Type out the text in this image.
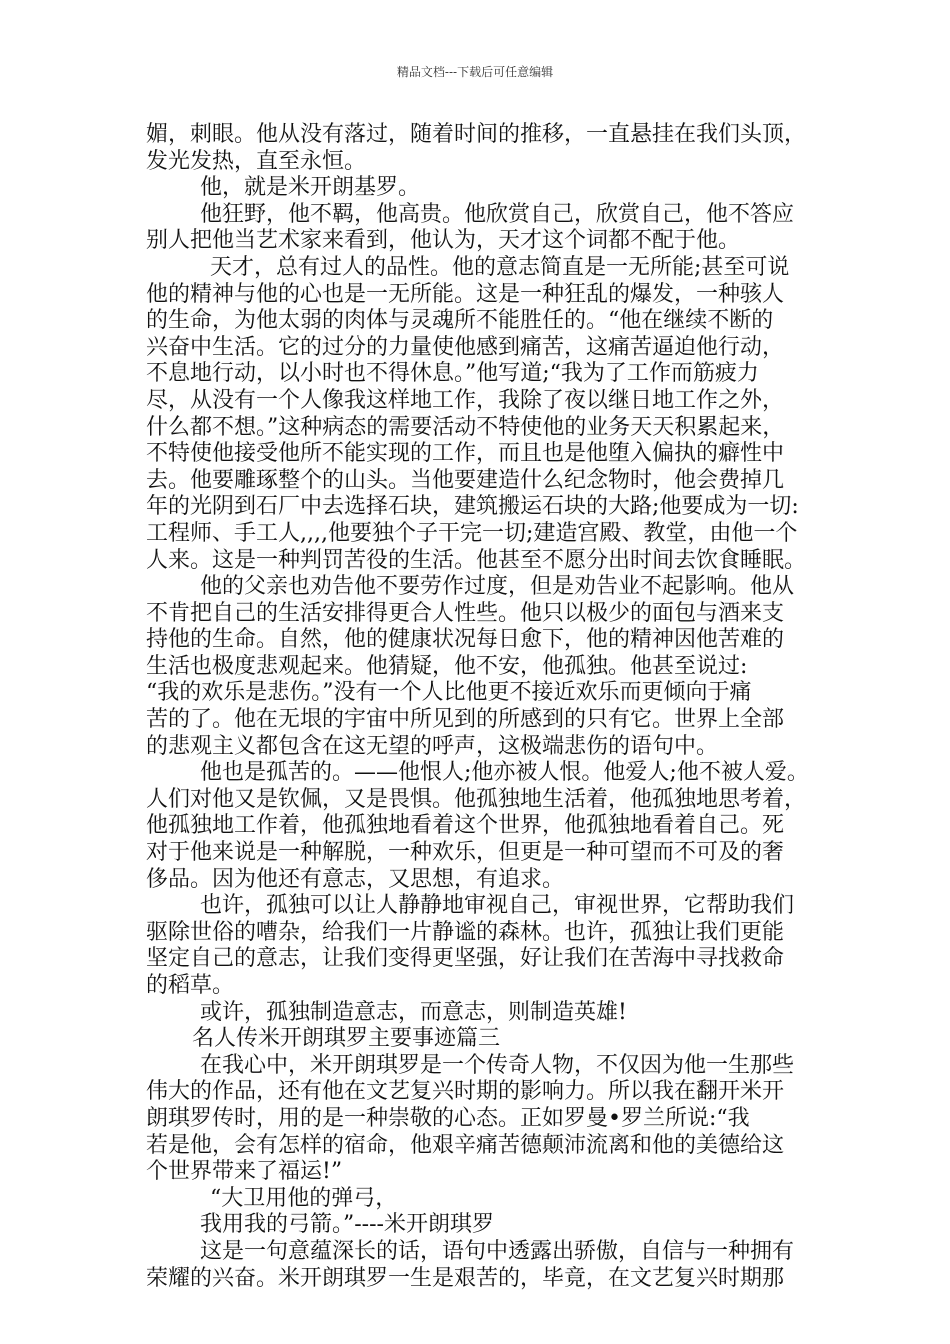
精品文档---下载后可任意编辑
媚，刺眼。他从没有落过，随着时间的推移，一直悬挂在我们头顶，
发光发热，直至永恒。
他，就是米开朗基罗。
他狂野，他不羁，他高贵。他欣赏自己，欣赏自己，他不答应
别人把他当艺术家来看到，他认为，天才这个词都不配于他。
天才，总有过人的品性。他的意志简直是一无所能;甚至可说
他的精神与他的心也是一无所能。这是一种狂乱的爆发，一种骇人
的生命，为他太弱的肉体与灵魂所不能胜任的。“他在继续不断的
兴奋中生活。它的过分的力量使他感到痛苦，这痛苦逼迫他行动，
不息地行动，以小时也不得休息。”他写道;“我为了工作而筋疲力
尽，从没有一个人像我这样地工作，我除了夜以继日地工作之外，
什么都不想。”这种病态的需要活动不特使他的业务天天积累起来，
不特使他接受他所不能实现的工作，而且也是他堕入偏执的癖性中
去。他要雕琢整个的山头。当他要建造什么纪念物时，他会费掉几
年的光阴到石厂中去选择石块，建筑搬运石块的大路;他要成为一切:
工程师、手工人,,,,他要独个子干完一切;建造宫殿、教堂，由他一个
人来。这是一种判罚苦役的生活。他甚至不愿分出时间去饮食睡眠。
他的父亲也劝告他不要劳作过度，但是劝告业不起影响。他从
不肯把自己的生活安排得更合人性些。他只以极少的面包与酒来支
持他的生命。自然，他的健康状况每日愈下，他的精神因他苦难的
生活也极度悲观起来。他猜疑，他不安，他孤独。他甚至说过:
“我的欢乐是悲伤。”没有一个人比他更不接近欢乐而更倾向于痛
苦的了。他在无垠的宇宙中所见到的所感到的只有它。世界上全部
的悲观主义都包含在这无望的呼声，这极端悲伤的语句中。
他也是孤苦的。——他恨人;他亦被人恨。他爱人;他不被人爱。
人们对他又是钦佩，又是畏惧。他孤独地生活着，他孤独地思考着，
他孤独地工作着，他孤独地看着这个世界，他孤独地看着自己。死
对于他来说是一种解脱，一种欢乐，但更是一种可望而不可及的奢
侈品。因为他还有意志，又思想，有追求。
也许，孤独可以让人静静地审视自己，审视世界，它帮助我们
驱除世俗的嘈杂，给我们一片静谧的森林。也许，孤独让我们更能
坚定自己的意志，让我们变得更坚强，好让我们在苦海中寻找救命
的稻草。
或许，孤独制造意志，而意志，则制造英雄!
名人传米开朗琪罗主要事迹篇三
在我心中，米开朗琪罗是一个传奇人物，不仅因为他一生那些
伟大的作品，还有他在文艺复兴时期的影响力。所以我在翻开米开
朗琪罗传时，用的是一种崇敬的心态。正如罗曼•罗兰所说:“我
若是他，会有怎样的宿命，他艰辛痛苦德颠沛流离和他的美德给这
个世界带来了福运!”
“大卫用他的弹弓，
我用我的弓箭。”----米开朗琪罗
这是一句意蕴深长的话，语句中透露出骄傲，自信与一种拥有
荣耀的兴奋。米开朗琪罗一生是艰苦的，毕竟，在文艺复兴时期那
